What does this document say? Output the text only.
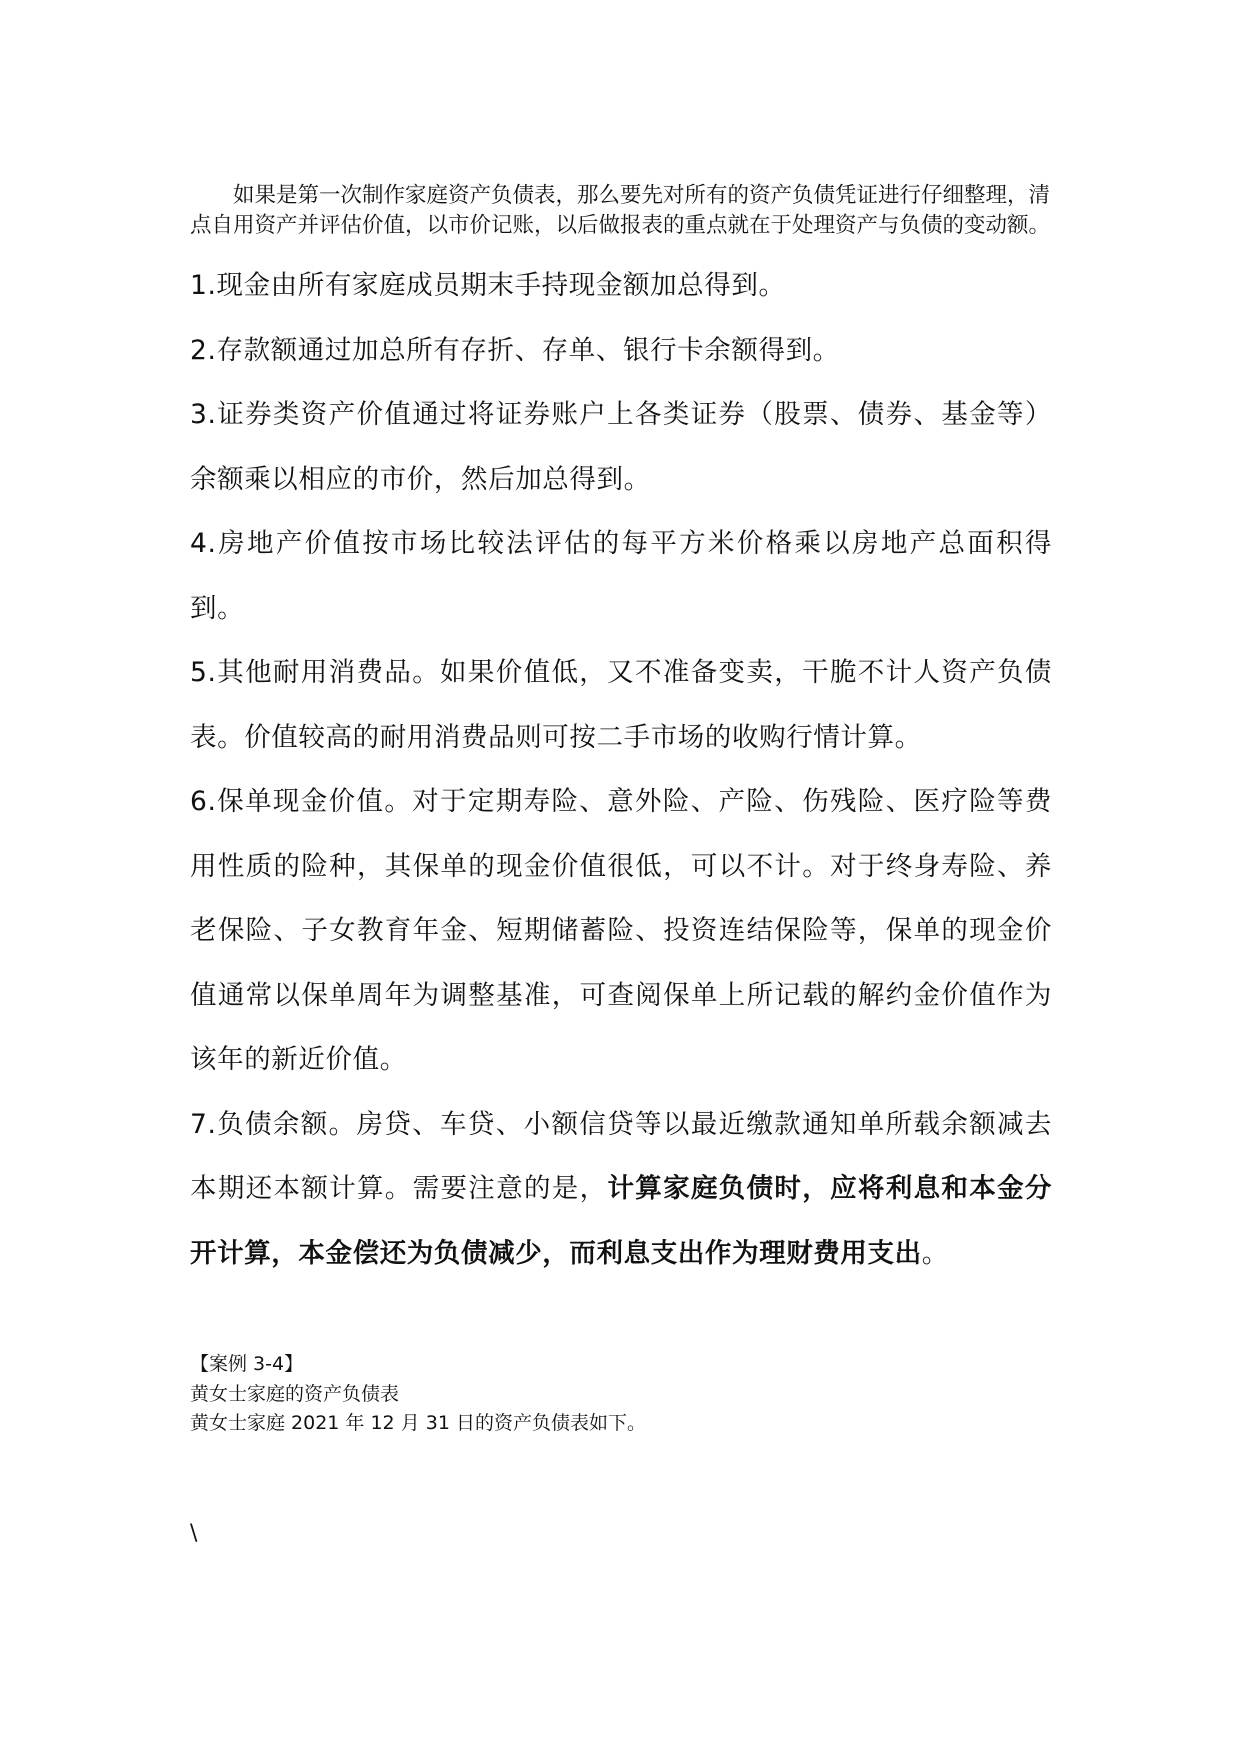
如果是第一次制作家庭资产负债表，那么要先对所有的资产负债凭证进行仔细整理，清点自用资产并评估价值，以市价记账，以后做报表的重点就在于处理资产与负债的变动额。

1.现金由所有家庭成员期末手持现金额加总得到。

2.存款额通过加总所有存折、存单、银行卡余额得到。

3.证券类资产价值通过将证券账户上各类证券（股票、债券、基金等）余额乘以相应的市价，然后加总得到。

4.房地产价值按市场比较法评估的每平方米价格乘以房地产总面积得到。

5.其他耐用消费品。如果价值低，又不准备变卖，干脆不计人资产负债表。价值较高的耐用消费品则可按二手市场的收购行情计算。

6.保单现金价值。对于定期寿险、意外险、产险、伤残险、医疗险等费用性质的险种，其保单的现金价值很低，可以不计。对于终身寿险、养老保险、子女教育年金、短期储蓄险、投资连结保险等，保单的现金价值通常以保单周年为调整基准，可查阅保单上所记载的解约金价值作为该年的新近价值。

7.负债余额。房贷、车贷、小额信贷等以最近缴款通知单所载余额减去本期还本额计算。需要注意的是，计算家庭负债时，应将利息和本金分开计算，本金偿还为负债减少，而利息支出作为理财费用支出。

【案例 3-4】
黄女士家庭的资产负债表
黄女士家庭 2021 年 12 月 31 日的资产负债表如下。
\
